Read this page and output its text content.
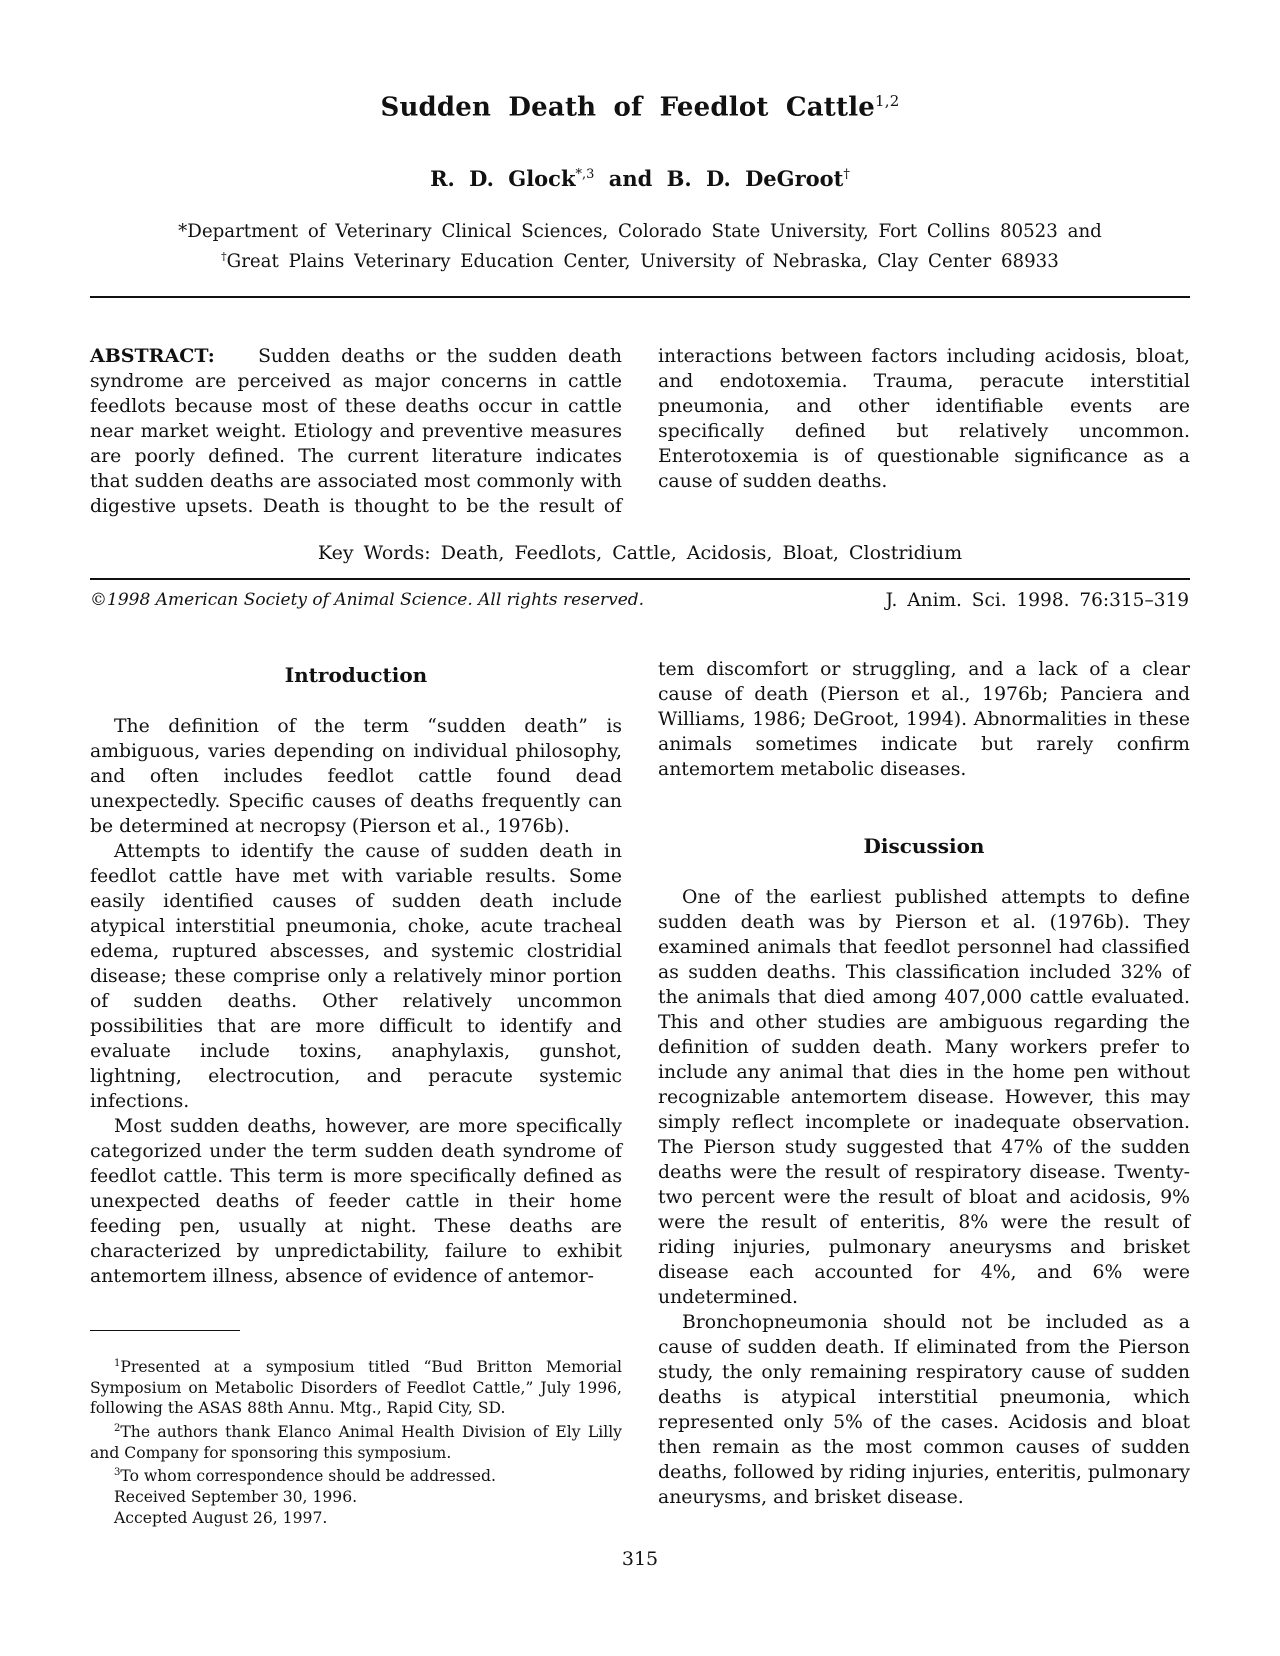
Sudden Death of Feedlot Cattle$^{1,2}$
R. D. Glock$^{*,3}$ and B. D. DeGroot†
*Department of Veterinary Clinical Sciences, Colorado State University, Fort Collins 80523 and
†Great Plains Veterinary Education Center, University of Nebraska, Clay Center 68933
ABSTRACT: Sudden deaths or the sudden death syndrome are perceived as major concerns in cattle feedlots because most of these deaths occur in cattle near market weight. Etiology and preventive measures are poorly defined. The current literature indicates that sudden deaths are associated most commonly with digestive upsets. Death is thought to be the result of interactions between factors including acidosis, bloat, and endotoxemia. Trauma, peracute interstitial pneumonia, and other identifiable events are specifically defined but relatively uncommon. Enterotoxemia is of questionable significance as a cause of sudden deaths.
Key Words: Death, Feedlots, Cattle, Acidosis, Bloat, Clostridium
©1998 American Society of Animal Science. All rights reserved.	J. Anim. Sci. 1998. 76:315–319
Introduction

The definition of the term “sudden death” is ambiguous, varies depending on individual philosophy, and often includes feedlot cattle found dead unexpectedly. Specific causes of deaths frequently can be determined at necropsy (Pierson et al., 1976b).

Attempts to identify the cause of sudden death in feedlot cattle have met with variable results. Some easily identified causes of sudden death include atypical interstitial pneumonia, choke, acute tracheal edema, ruptured abscesses, and systemic clostridial disease; these comprise only a relatively minor portion of sudden deaths. Other relatively uncommon possibilities that are more difficult to identify and evaluate include toxins, anaphylaxis, gunshot, lightning, electrocution, and peracute systemic infections.

Most sudden deaths, however, are more specifically categorized under the term sudden death syndrome of feedlot cattle. This term is more specifically defined as unexpected deaths of feeder cattle in their home feeding pen, usually at night. These deaths are characterized by unpredictability, failure to exhibit antemortem illness, absence of evidence of antemor-

tem discomfort or struggling, and a lack of a clear cause of death (Pierson et al., 1976b; Panciera and Williams, 1986; DeGroot, 1994). Abnormalities in these animals sometimes indicate but rarely confirm antemortem metabolic diseases.

Discussion

One of the earliest published attempts to define sudden death was by Pierson et al. (1976b). They examined animals that feedlot personnel had classified as sudden deaths. This classification included 32% of the animals that died among 407,000 cattle evaluated. This and other studies are ambiguous regarding the definition of sudden death. Many workers prefer to include any animal that dies in the home pen without recognizable antemortem disease. However, this may simply reflect incomplete or inadequate observation. The Pierson study suggested that 47% of the sudden deaths were the result of respiratory disease. Twenty-two percent were the result of bloat and acidosis, 9% were the result of enteritis, 8% were the result of riding injuries, pulmonary aneurysms and brisket disease each accounted for 4%, and 6% were undetermined.

Bronchopneumonia should not be included as a cause of sudden death. If eliminated from the Pierson study, the only remaining respiratory cause of sudden deaths is atypical interstitial pneumonia, which represented only 5% of the cases. Acidosis and bloat then remain as the most common causes of sudden deaths, followed by riding injuries, enteritis, pulmonary aneurysms, and brisket disease.

$^1$Presented at a symposium titled “Bud Britton Memorial Symposium on Metabolic Disorders of Feedlot Cattle,” July 1996, following the ASAS 88th Annu. Mtg., Rapid City, SD.

$^2$The authors thank Elanco Animal Health Division of Ely Lilly and Company for sponsoring this symposium.

$^3$To whom correspondence should be addressed.

Received September 30, 1996.

Accepted August 26, 1997.

315
